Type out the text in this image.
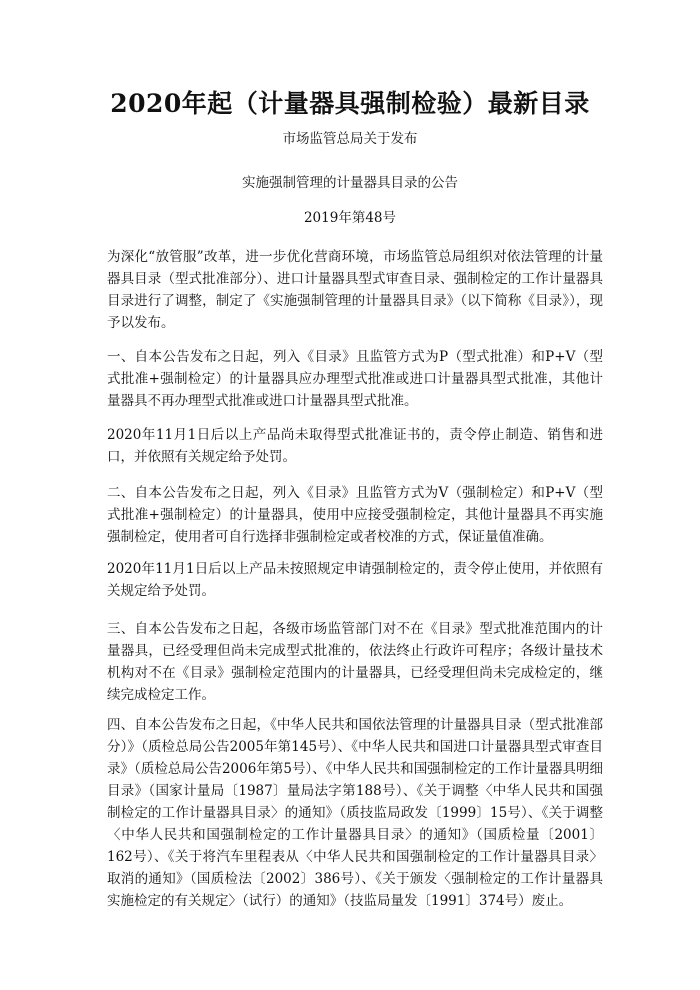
2020年起（计量器具强制检验）最新目录

市场监管总局关于发布

实施强制管理的计量器具目录的公告

2019年第48号

为深化“放管服”改革，进一步优化营商环境，市场监管总局组织对依法管理的计量器具目录（型式批准部分）、进口计量器具型式审查目录、强制检定的工作计量器具目录进行了调整，制定了《实施强制管理的计量器具目录》（以下简称《目录》），现予以发布。

一、自本公告发布之日起，列入《目录》且监管方式为P（型式批准）和P+V（型式批准+强制检定）的计量器具应办理型式批准或进口计量器具型式批准，其他计量器具不再办理型式批准或进口计量器具型式批准。

2020年11月1日后以上产品尚未取得型式批准证书的，责令停止制造、销售和进口，并依照有关规定给予处罚。

二、自本公告发布之日起，列入《目录》且监管方式为V（强制检定）和P+V（型式批准+强制检定）的计量器具，使用中应接受强制检定，其他计量器具不再实施强制检定，使用者可自行选择非强制检定或者校准的方式，保证量值准确。

2020年11月1日后以上产品未按照规定申请强制检定的，责令停止使用，并依照有关规定给予处罚。

三、自本公告发布之日起，各级市场监管部门对不在《目录》型式批准范围内的计量器具，已经受理但尚未完成型式批准的，依法终止行政许可程序；各级计量技术机构对不在《目录》强制检定范围内的计量器具，已经受理但尚未完成检定的，继续完成检定工作。

四、自本公告发布之日起，《中华人民共和国依法管理的计量器具目录（型式批准部分）》（质检总局公告2005年第145号）、《中华人民共和国进口计量器具型式审查目录》（质检总局公告2006年第5号）、《中华人民共和国强制检定的工作计量器具明细目录》（国家计量局〔1987〕量局法字第188号）、《关于调整〈中华人民共和国强制检定的工作计量器具目录〉的通知》（质技监局政发〔1999〕15号）、《关于调整〈中华人民共和国强制检定的工作计量器具目录〉的通知》（国质检量〔2001〕162号）、《关于将汽车里程表从〈中华人民共和国强制检定的工作计量器具目录〉取消的通知》（国质检法〔2002〕386号）、《关于颁发〈强制检定的工作计量器具实施检定的有关规定〉（试行）的通知》（技监局量发〔1991〕374号）废止。
